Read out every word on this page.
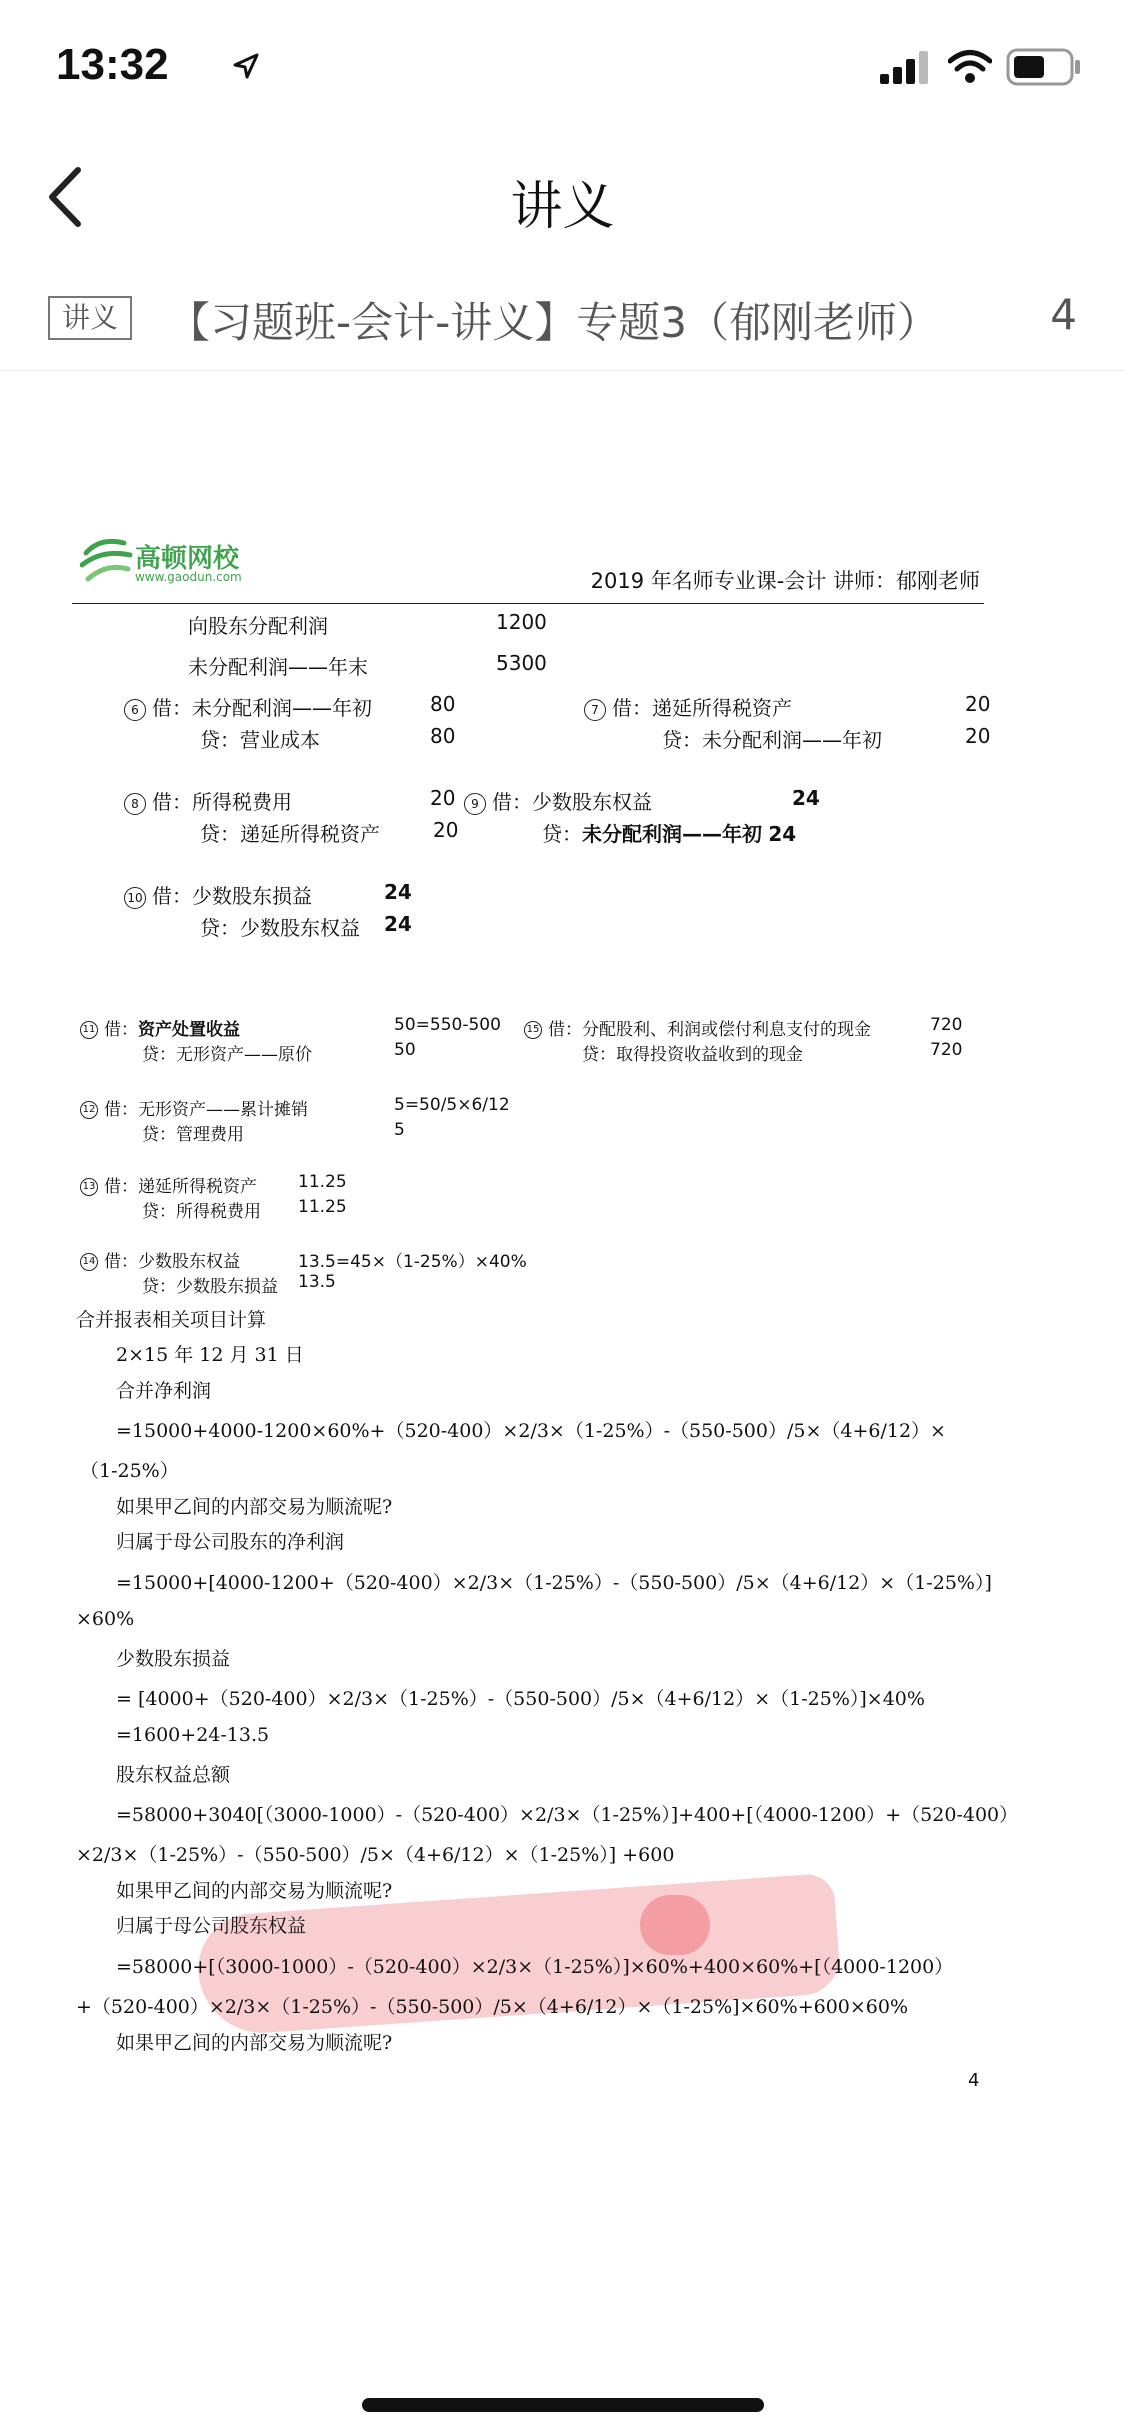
13:32
讲义
讲义	【习题班-会计-讲义】专题3（郁刚老师）	4
高顿网校
www.gaodun.com	2019 年名师专业课-会计 讲师：郁刚老师
向股东分配利润	1200
未分配利润——年末	5300
6 借：未分配利润——年初	80
贷：营业成本	80
7 借：递延所得税资产	20
贷：未分配利润——年初	20
8 借：所得税费用	20
贷：递延所得税资产	20
9 借：少数股东权益	24
贷：未分配利润——年初 24
10 借：少数股东损益	24
贷：少数股东权益 24
11 借：资产处置收益	50=550-500
贷：无形资产——原价	50
15 借：分配股利、利润或偿付利息支付的现金	720
贷：取得投资收益收到的现金	720
12 借：无形资产——累计摊销	5=50/5×6/12
贷：管理费用	5
13 借：递延所得税资产 11.25
贷：所得税费用 11.25
14 借：少数股东权益	13.5=45×（1-25%）×40%
贷：少数股东损益 13.5
合并报表相关项目计算
2×15 年 12 月 31 日
合并净利润
=15000+4000-1200×60%+（520-400）×2/3×（1-25%）-（550-500）/5×（4+6/12）×
（1-25%）
如果甲乙间的内部交易为顺流呢?
归属于母公司股东的净利润
=15000+[4000-1200+（520-400）×2/3×（1-25%）-（550-500）/5×（4+6/12）×（1-25%）]
×60%
少数股东损益
= [4000+（520-400）×2/3×（1-25%）-（550-500）/5×（4+6/12）×（1-25%）]×40%
=1600+24-13.5
股东权益总额
=58000+3040[（3000-1000）-（520-400）×2/3×（1-25%）]+400+[（4000-1200）+（520-400）
×2/3×（1-25%）-（550-500）/5×（4+6/12）×（1-25%）] +600
如果甲乙间的内部交易为顺流呢?
归属于母公司股东权益
=58000+[（3000-1000）-（520-400）×2/3×（1-25%）]×60%+400×60%+[（4000-1200）
+（520-400）×2/3×（1-25%）-（550-500）/5×（4+6/12）×（1-25%]×60%+600×60%
如果甲乙间的内部交易为顺流呢?
4
